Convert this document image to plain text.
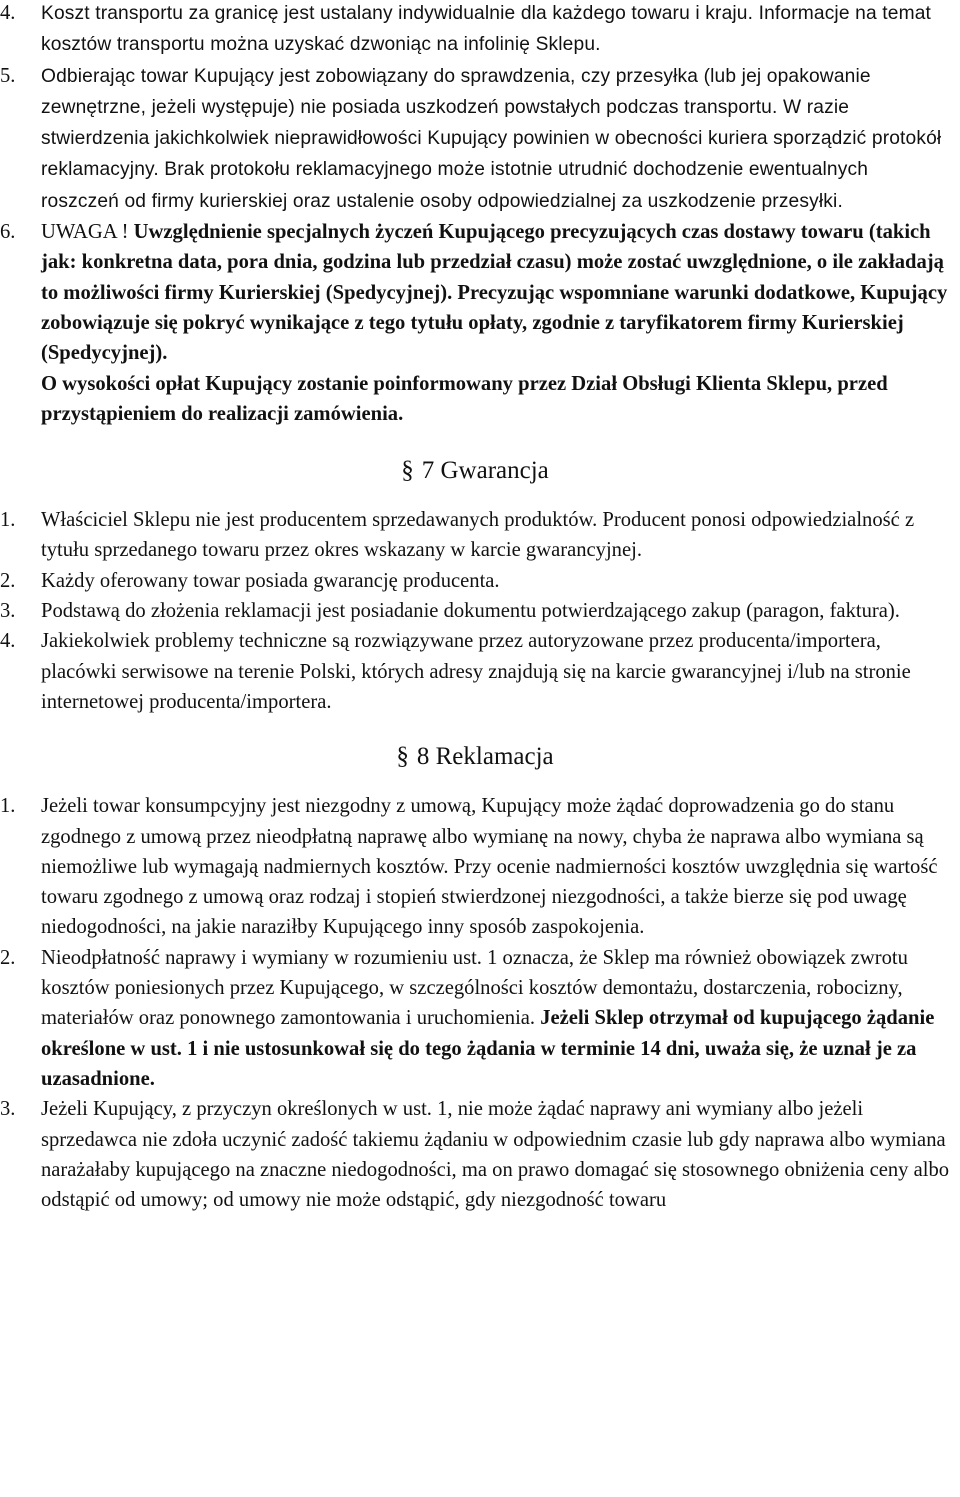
4.	Koszt transportu za granicę jest ustalany indywidualnie dla każdego towaru i kraju. Informacje na temat kosztów transportu można uzyskać dzwoniąc na infolinię Sklepu.
5.	Odbierając towar Kupujący jest zobowiązany do sprawdzenia, czy przesyłka (lub jej opakowanie zewnętrzne, jeżeli występuje) nie posiada uszkodzeń powstałych podczas transportu. W razie stwierdzenia jakichkolwiek nieprawidłowości Kupujący powinien w obecności kuriera sporządzić protokół reklamacyjny. Brak protokołu reklamacyjnego może istotnie utrudnić dochodzenie ewentualnych roszczeń od firmy kurierskiej oraz ustalenie osoby odpowiedzialnej za uszkodzenie przesyłki.
6.	UWAGA ! Uwzględnienie specjalnych życzeń Kupującego precyzujących czas dostawy towaru (takich jak: konkretna data, pora dnia, godzina lub przedział czasu) może zostać uwzględnione, o ile zakładają to możliwości firmy Kurierskiej (Spedycyjnej). Precyzując wspomniane warunki dodatkowe, Kupujący zobowiązuje się pokryć wynikające z tego tytułu opłaty, zgodnie z taryfikatorem firmy Kurierskiej (Spedycyjnej).
O wysokości opłat Kupujący zostanie poinformowany przez Dział Obsługi Klienta Sklepu, przed przystąpieniem do realizacji zamówienia.
§ 7 Gwarancja
1.	Właściciel Sklepu nie jest producentem sprzedawanych produktów. Producent ponosi odpowiedzialność z tytułu sprzedanego towaru przez okres wskazany w karcie gwarancyjnej.
2.	Każdy oferowany towar posiada gwarancję producenta.
3.	Podstawą do złożenia reklamacji jest posiadanie dokumentu potwierdzającego zakup (paragon, faktura).
4.	Jakiekolwiek problemy techniczne są rozwiązywane przez autoryzowane przez producenta/importera, placówki serwisowe na terenie Polski, których adresy znajdują się na karcie gwarancyjnej i/lub na stronie internetowej producenta/importera.
§ 8 Reklamacja
1.	Jeżeli towar konsumpcyjny jest niezgodny z umową, Kupujący może żądać doprowadzenia go do stanu zgodnego z umową przez nieodpłatną naprawę albo wymianę na nowy, chyba że naprawa albo wymiana są niemożliwe lub wymagają nadmiernych kosztów. Przy ocenie nadmierności kosztów uwzględnia się wartość towaru zgodnego z umową oraz rodzaj i stopień stwierdzonej niezgodności, a także bierze się pod uwagę niedogodności, na jakie naraziłby Kupującego inny sposób zaspokojenia.
2.	Nieodpłatność naprawy i wymiany w rozumieniu ust. 1 oznacza, że Sklep ma również obowiązek zwrotu kosztów poniesionych przez Kupującego, w szczególności kosztów demontażu, dostarczenia, robocizny, materiałów oraz ponownego zamontowania i uruchomienia. Jeżeli Sklep otrzymał od kupującego żądanie określone w ust. 1 i nie ustosunkował się do tego żądania w terminie 14 dni, uważa się, że uznał je za uzasadnione.
3.	Jeżeli Kupujący, z przyczyn określonych w ust. 1, nie może żądać naprawy ani wymiany albo jeżeli sprzedawca nie zdoła uczynić zadość takiemu żądaniu w odpowiednim czasie lub gdy naprawa albo wymiana narażałaby kupującego na znaczne niedogodności, ma on prawo domagać się stosownego obniżenia ceny albo odstąpić od umowy; od umowy nie może odstąpić, gdy niezgodność towaru
